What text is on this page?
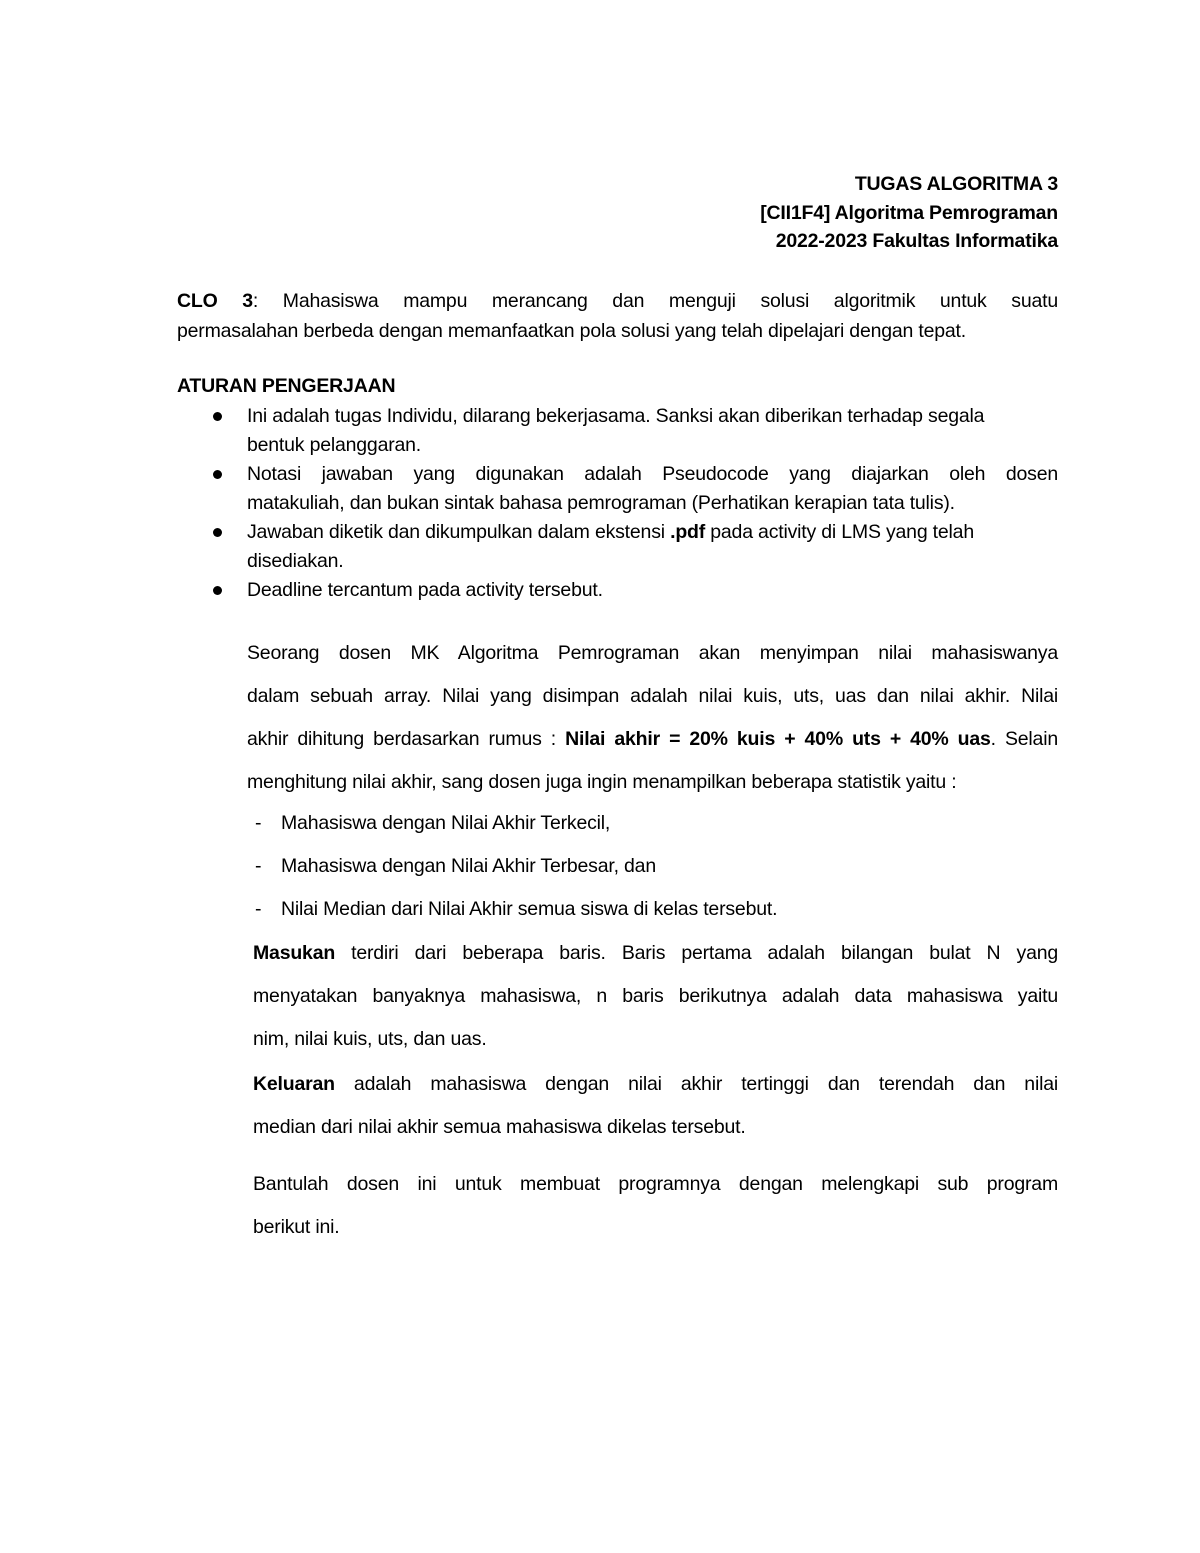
TUGAS ALGORITMA 3
[CII1F4] Algoritma Pemrograman
2022-2023 Fakultas Informatika
CLO 3: Mahasiswa mampu merancang dan menguji solusi algoritmik untuk suatu
permasalahan berbeda dengan memanfaatkan pola solusi yang telah dipelajari dengan tepat.
ATURAN PENGERJAAN
Ini adalah tugas Individu, dilarang bekerjasama. Sanksi akan diberikan terhadap segala
bentuk pelanggaran.
Notasi jawaban yang digunakan adalah Pseudocode yang diajarkan oleh dosen
matakuliah, dan bukan sintak bahasa pemrograman (Perhatikan kerapian tata tulis).
Jawaban diketik dan dikumpulkan dalam ekstensi .pdf pada activity di LMS yang telah
disediakan.
Deadline tercantum pada activity tersebut.
Seorang dosen MK Algoritma Pemrograman akan menyimpan nilai mahasiswanya
dalam sebuah array. Nilai yang disimpan adalah nilai kuis, uts, uas dan nilai akhir. Nilai
akhir dihitung berdasarkan rumus : Nilai akhir = 20% kuis + 40% uts + 40% uas. Selain
menghitung nilai akhir, sang dosen juga ingin menampilkan beberapa statistik yaitu :
- Mahasiswa dengan Nilai Akhir Terkecil,
- Mahasiswa dengan Nilai Akhir Terbesar, dan
- Nilai Median dari Nilai Akhir semua siswa di kelas tersebut.
Masukan terdiri dari beberapa baris. Baris pertama adalah bilangan bulat N yang
menyatakan banyaknya mahasiswa, n baris berikutnya adalah data mahasiswa yaitu
nim, nilai kuis, uts, dan uas.
Keluaran adalah mahasiswa dengan nilai akhir tertinggi dan terendah dan nilai
median dari nilai akhir semua mahasiswa dikelas tersebut.
Bantulah dosen ini untuk membuat programnya dengan melengkapi sub program
berikut ini.
